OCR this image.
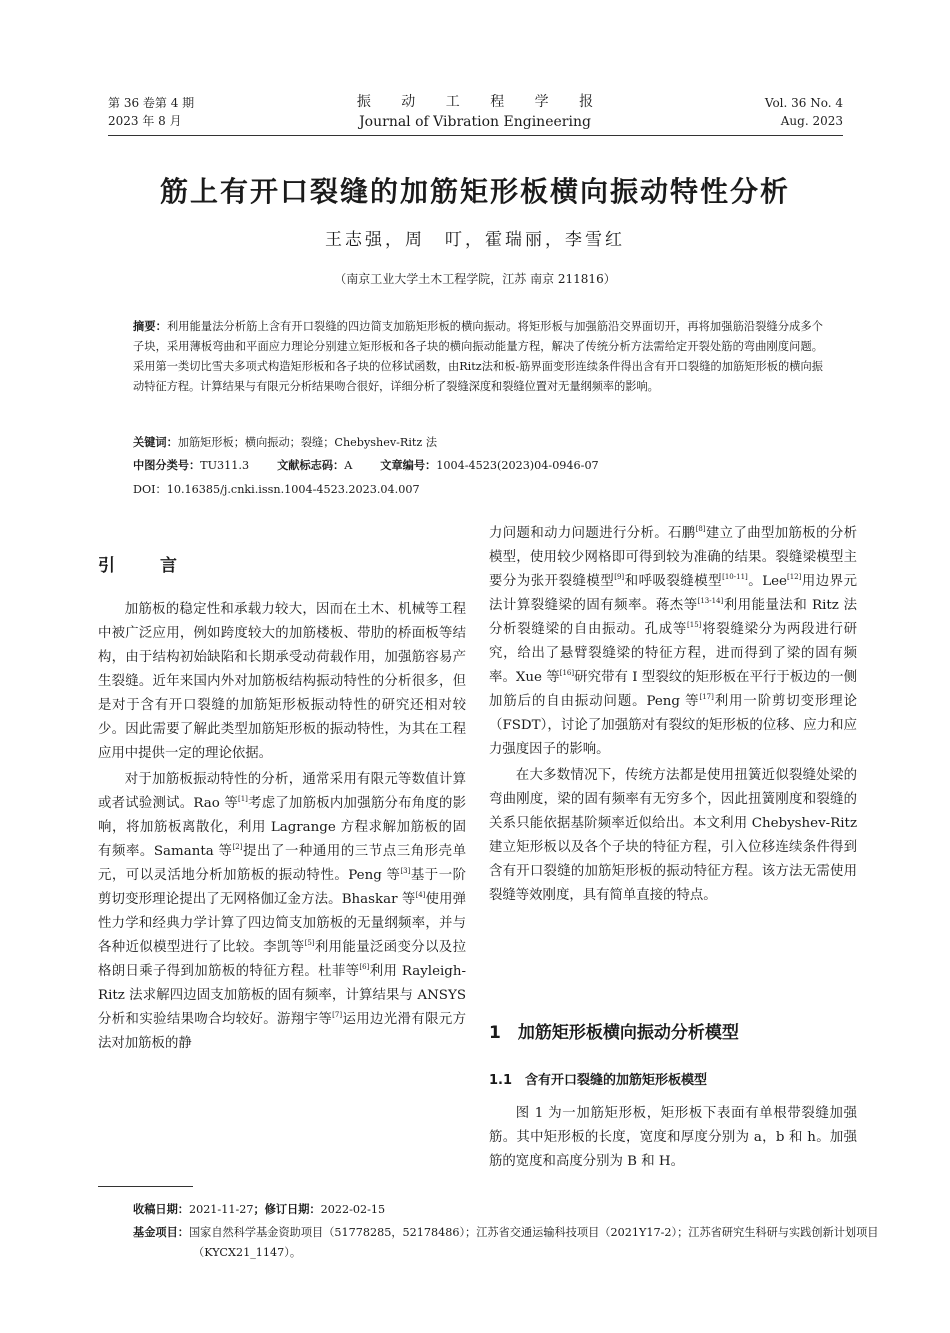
第 36 卷第 4 期
2023 年 8 月
振 动 工 程 学 报
Journal of Vibration Engineering
Vol. 36 No. 4
Aug. 2023
筋上有开口裂缝的加筋矩形板横向振动特性分析
王志强，周　叮，霍瑞丽，李雪红
（南京工业大学土木工程学院，江苏 南京 211816）
摘要：利用能量法分析筋上含有开口裂缝的四边简支加筋矩形板的横向振动。将矩形板与加强筋沿交界面切开，再将加强筋沿裂缝分成多个子块，采用薄板弯曲和平面应力理论分别建立矩形板和各子块的横向振动能量方程，解决了传统分析方法需给定开裂处筋的弯曲刚度问题。采用第一类切比雪夫多项式构造矩形板和各子块的位移试函数，由Ritz法和板-筋界面变形连续条件得出含有开口裂缝的加筋矩形板的横向振动特征方程。计算结果与有限元分析结果吻合很好，详细分析了裂缝深度和裂缝位置对无量纲频率的影响。
关键词：加筋矩形板；横向振动；裂缝；Chebyshev-Ritz 法
中图分类号：TU311.3	文献标志码：A	文章编号：1004-4523(2023)04-0946-07
DOI：10.16385/j.cnki.issn.1004-4523.2023.04.007
引　言

加筋板的稳定性和承载力较大，因而在土木、机械等工程中被广泛应用，例如跨度较大的加筋楼板、带肋的桥面板等结构，由于结构初始缺陷和长期承受动荷载作用，加强筋容易产生裂缝。近年来国内外对加筋板结构振动特性的分析很多，但是对于含有开口裂缝的加筋矩形板振动特性的研究还相对较少。因此需要了解此类型加筋矩形板的振动特性，为其在工程应用中提供一定的理论依据。

对于加筋板振动特性的分析，通常采用有限元等数值计算或者试验测试。Rao 等[1]考虑了加筋板内加强筋分布角度的影响，将加筋板离散化，利用 Lagrange 方程求解加筋板的固有频率。Samanta 等[2]提出了一种通用的三节点三角形壳单元，可以灵活地分析加筋板的振动特性。Peng 等[3]基于一阶剪切变形理论提出了无网格伽辽金方法。Bhaskar 等[4]使用弹性力学和经典力学计算了四边简支加筋板的无量纲频率，并与各种近似模型进行了比较。李凯等[5]利用能量泛函变分以及拉格朗日乘子得到加筋板的特征方程。杜菲等[6]利用 Rayleigh-Ritz 法求解四边固支加筋板的固有频率，计算结果与 ANSYS 分析和实验结果吻合均较好。游翔宇等[7]运用边光滑有限元方法对加筋板的静

力问题和动力问题进行分析。石鹏[8]建立了曲型加筋板的分析模型，使用较少网格即可得到较为准确的结果。裂缝梁模型主要分为张开裂缝模型[9]和呼吸裂缝模型[10-11]。Lee[12]用边界元法计算裂缝梁的固有频率。蒋杰等[13-14]利用能量法和 Ritz 法分析裂缝梁的自由振动。孔成等[15]将裂缝梁分为两段进行研究，给出了悬臂裂缝梁的特征方程，进而得到了梁的固有频率。Xue 等[16]研究带有 I 型裂纹的矩形板在平行于板边的一侧加筋后的自由振动问题。Peng 等[17]利用一阶剪切变形理论（FSDT），讨论了加强筋对有裂纹的矩形板的位移、应力和应力强度因子的影响。

在大多数情况下，传统方法都是使用扭簧近似裂缝处梁的弯曲刚度，梁的固有频率有无穷多个，因此扭簧刚度和裂缝的关系只能依据基阶频率近似给出。本文利用 Chebyshev-Ritz 建立矩形板以及各个子块的特征方程，引入位移连续条件得到含有开口裂缝的加筋矩形板的振动特征方程。该方法无需使用裂缝等效刚度，具有简单直接的特点。

1　加筋矩形板横向振动分析模型
1.1　含有开口裂缝的加筋矩形板模型

图 1 为一加筋矩形板，矩形板下表面有单根带裂缝加强筋。其中矩形板的长度，宽度和厚度分别为 a，b 和 h。加强筋的宽度和高度分别为 B 和 H。

收稿日期：2021-11-27；修订日期：2022-02-15
基金项目：国家自然科学基金资助项目（51778285，52178486）；江苏省交通运输科技项目（2021Y17-2）；江苏省研究生科研与实践创新计划项目（KYCX21_1147）。
